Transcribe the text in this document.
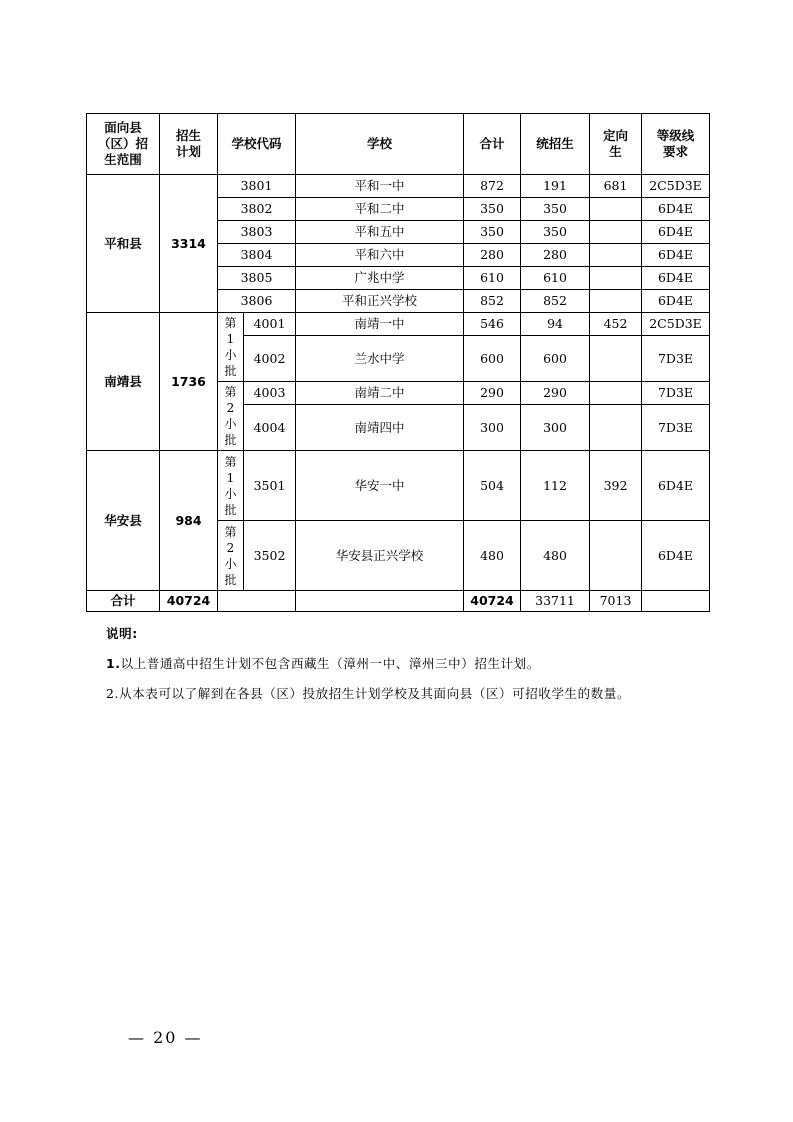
面向县（区）招生范围	招生计划	学校代码		学校	合计	统招生	定向生	等级线要求
平和县	3314	3801		平和一中	872	191	681	2C5D3E
		3802		平和二中	350	350		6D4E
		3803		平和五中	350	350		6D4E
		3804		平和六中	280	280		6D4E
		3805		广兆中学	610	610		6D4E
		3806		平和正兴学校	852	852		6D4E
南靖县	1736	第
1
小
批	4001	南靖一中	546	94	452	2C5D3E
			4002	兰水中学	600	600		7D3E

		第
2
小
批	4003	南靖二中	290	290		7D3E
			4004	南靖四中	300	300		7D3E
华安县	984	第
1
小
批	3501	华安一中	504	112	392	6D4E

		第
2
小
批	3502	华安县正兴学校	480	480		6D4E
合计	40724				40724	33711	7013	

说明:

1.以上普通高中招生计划不包含西藏生（漳州一中、漳州三中）招生计划。

2.从本表可以了解到在各县（区）投放招生计划学校及其面向县（区）可招收学生的数量。

— 20 —
